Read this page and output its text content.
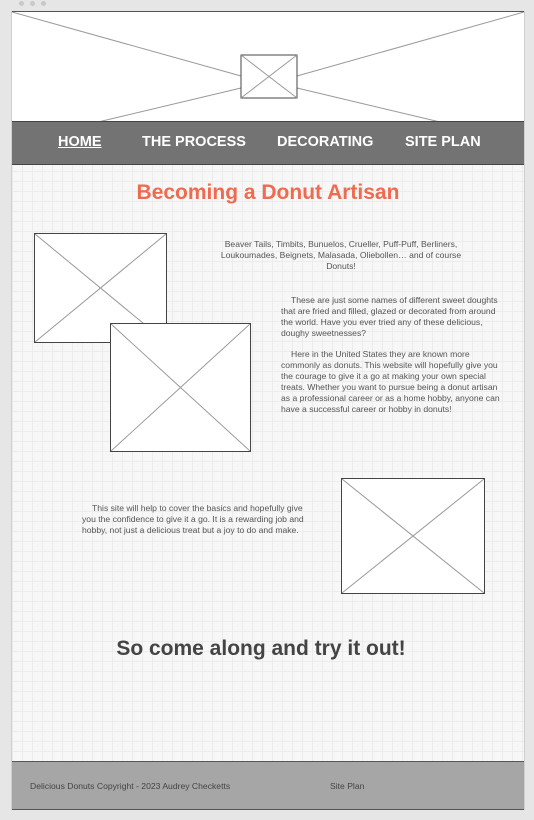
HOME	THE PROCESS DECORATING SITE PLAN
Becoming a Donut Artisan
Beaver Tails, Timbits, Bunuelos, Crueller, Puff-Puff, Berliners, Loukoumades, Beignets, Malasada, Oliebollen… and of course Donuts!
These are just some names of different sweet doughts that are fried and filled, glazed or decorated from around the world. Have you ever tried any of these delicious, doughy sweetnesses?
Here in the United States they are known more commonly as donuts. This website will hopefully give you the courage to give it a go at making your own special treats. Whether you want to pursue being a donut artisan as a professional career or as a home hobby, anyone can have a successful career or hobby in donuts!
This site will help to cover the basics and hopefully give you the confidence to give it a go. It is a rewarding job and hobby, not just a delicious treat but a joy to do and make.
So come along and try it out!
Delicious Donuts Copyright - 2023 Audrey Checketts	Site Plan
